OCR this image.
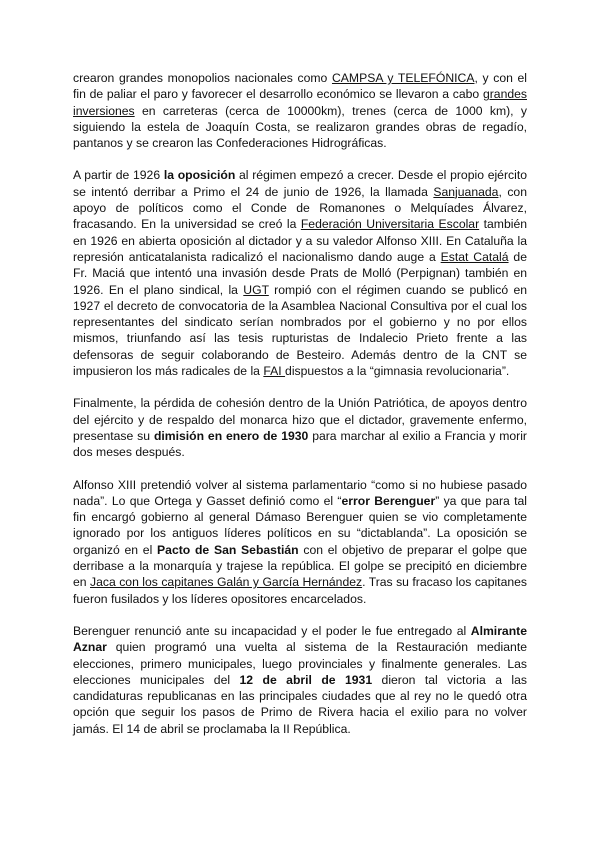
crearon grandes monopolios nacionales como CAMPSA y TELEFÓNICA, y con el fin de paliar el paro y favorecer el desarrollo económico se llevaron a cabo grandes inversiones en carreteras (cerca de 10000km), trenes (cerca de 1000 km), y siguiendo la estela de Joaquín Costa, se realizaron grandes obras de regadío, pantanos y se crearon las Confederaciones Hidrográficas.

A partir de 1926 la oposición al régimen empezó a crecer. Desde el propio ejército se intentó derribar a Primo el 24 de junio de 1926, la llamada Sanjuanada, con apoyo de políticos como el Conde de Romanones o Melquíades Álvarez, fracasando. En la universidad se creó la Federación Universitaria Escolar también en 1926 en abierta oposición al dictador y a su valedor Alfonso XIII. En Cataluña la represión anticatalanista radicalizó el nacionalismo dando auge a Estat Catalá de Fr. Maciá que intentó una invasión desde Prats de Molló (Perpignan) también en 1926. En el plano sindical, la UGT rompió con el régimen cuando se publicó en 1927 el decreto de convocatoria de la Asamblea Nacional Consultiva por el cual los representantes del sindicato serían nombrados por el gobierno y no por ellos mismos, triunfando así las tesis rupturistas de Indalecio Prieto frente a las defensoras de seguir colaborando de Besteiro. Además dentro de la CNT se impusieron los más radicales de la FAI dispuestos a la “gimnasia revolucionaria”.

Finalmente, la pérdida de cohesión dentro de la Unión Patriótica, de apoyos dentro del ejército y de respaldo del monarca hizo que el dictador, gravemente enfermo, presentase su dimisión en enero de 1930 para marchar al exilio a Francia y morir dos meses después.

Alfonso XIII pretendió volver al sistema parlamentario “como si no hubiese pasado nada”. Lo que Ortega y Gasset definió como el “error Berenguer” ya que para tal fin encargó gobierno al general Dámaso Berenguer quien se vio completamente ignorado por los antiguos líderes políticos en su “dictablanda”. La oposición se organizó en el Pacto de San Sebastián con el objetivo de preparar el golpe que derribase a la monarquía y trajese la república. El golpe se precipitó en diciembre en Jaca con los capitanes Galán y García Hernández. Tras su fracaso los capitanes fueron fusilados y los líderes opositores encarcelados.

Berenguer renunció ante su incapacidad y el poder le fue entregado al Almirante Aznar quien programó una vuelta al sistema de la Restauración mediante elecciones, primero municipales, luego provinciales y finalmente generales. Las elecciones municipales del 12 de abril de 1931 dieron tal victoria a las candidaturas republicanas en las principales ciudades que al rey no le quedó otra opción que seguir los pasos de Primo de Rivera hacia el exilio para no volver jamás. El 14 de abril se proclamaba la II República.
